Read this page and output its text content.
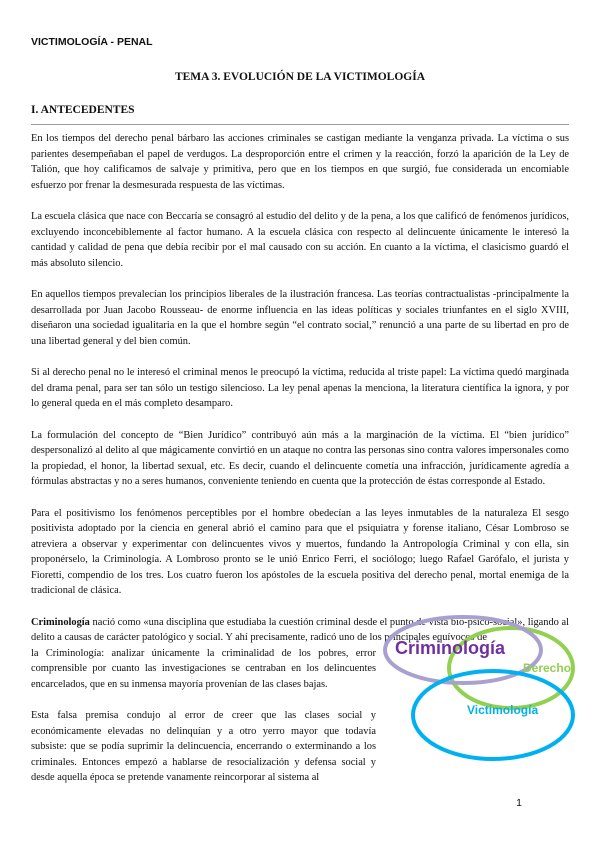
VICTIMOLOGÍA - PENAL
TEMA 3. EVOLUCIÓN DE LA VICTIMOLOGÍA
I. ANTECEDENTES

En los tiempos del derecho penal bárbaro las acciones criminales se castigan mediante la venganza privada. La víctima o sus parientes desempeñaban el papel de verdugos. La desproporción entre el crimen y la reacción, forzó la aparición de la Ley de Talión, que hoy calificamos de salvaje y primitiva, pero que en los tiempos en que surgió, fue considerada un encomiable esfuerzo por frenar la desmesurada respuesta de las víctimas.

La escuela clásica que nace con Beccaría se consagró al estudio del delito y de la pena, a los que calificó de fenómenos jurídicos, excluyendo inconcebiblemente al factor humano. A la escuela clásica con respecto al delincuente únicamente le interesó la cantidad y calidad de pena que debía recibir por el mal causado con su acción. En cuanto a la víctima, el clasicismo guardó el más absoluto silencio.

En aquellos tiempos prevalecían los principios liberales de la ilustración francesa. Las teorías contractualistas -principalmente la desarrollada por Juan Jacobo Rousseau- de enorme influencia en las ideas políticas y sociales triunfantes en el siglo XVIII, diseñaron una sociedad igualitaria en la que el hombre según “el contrato social,” renunció a una parte de su libertad en pro de una libertad general y del bien común.

Si al derecho penal no le interesó el criminal menos le preocupó la víctima, reducida al triste papel: La víctima quedó marginada del drama penal, para ser tan sólo un testigo silencioso. La ley penal apenas la menciona, la literatura científica la ignora, y por lo general queda en el más completo desamparo.

La formulación del concepto de “Bien Jurídico” contribuyó aún más a la marginación de la víctima. El “bien jurídico” despersonalizó al delito al que mágicamente convirtió en un ataque no contra las personas sino contra valores impersonales como la propiedad, el honor, la libertad sexual, etc. Es decir, cuando el delincuente cometía una infracción, jurídicamente agredía a fórmulas abstractas y no a seres humanos, conveniente teniendo en cuenta que la protección de éstas corresponde al Estado.

Para el positivismo los fenómenos perceptibles por el hombre obedecían a las leyes inmutables de la naturaleza El sesgo positivista adoptado por la ciencia en general abrió el camino para que el psiquiatra y forense italiano, César Lombroso se atreviera a observar y experimentar con delincuentes vivos y muertos, fundando la Antropología Criminal y con ella, sin proponérselo, la Criminología. A Lombroso pronto se le unió Enrico Ferri, el sociólogo; luego Rafael Garófalo, el jurista y Fioretti, compendio de los tres. Los cuatro fueron los apóstoles de la escuela positiva del derecho penal, mortal enemiga de la tradicional de clásica.

Criminología nació como «una disciplina que estudiaba la cuestión criminal desde el punto de vista bio-psico-social», ligando al delito a causas de carácter patológico y social. Y ahí precisamente, radicó uno de los principales equívocos de

la Criminología: analizar únicamente la criminalidad de los pobres, error comprensible por cuanto las investigaciones se centraban en los delincuentes encarcelados, que en su inmensa mayoría provenían de las clases bajas.

Esta falsa premisa condujo al error de creer que las clases social y económicamente elevadas no delinquían y a otro yerro mayor que todavía subsiste: que se podía suprimir la delincuencia, encerrando o exterminando a los criminales. Entonces empezó a hablarse de resocialización y defensa social y desde aquella época se pretende vanamente reincorporar al sistema al

Criminología
Derecho
Victimología
1
